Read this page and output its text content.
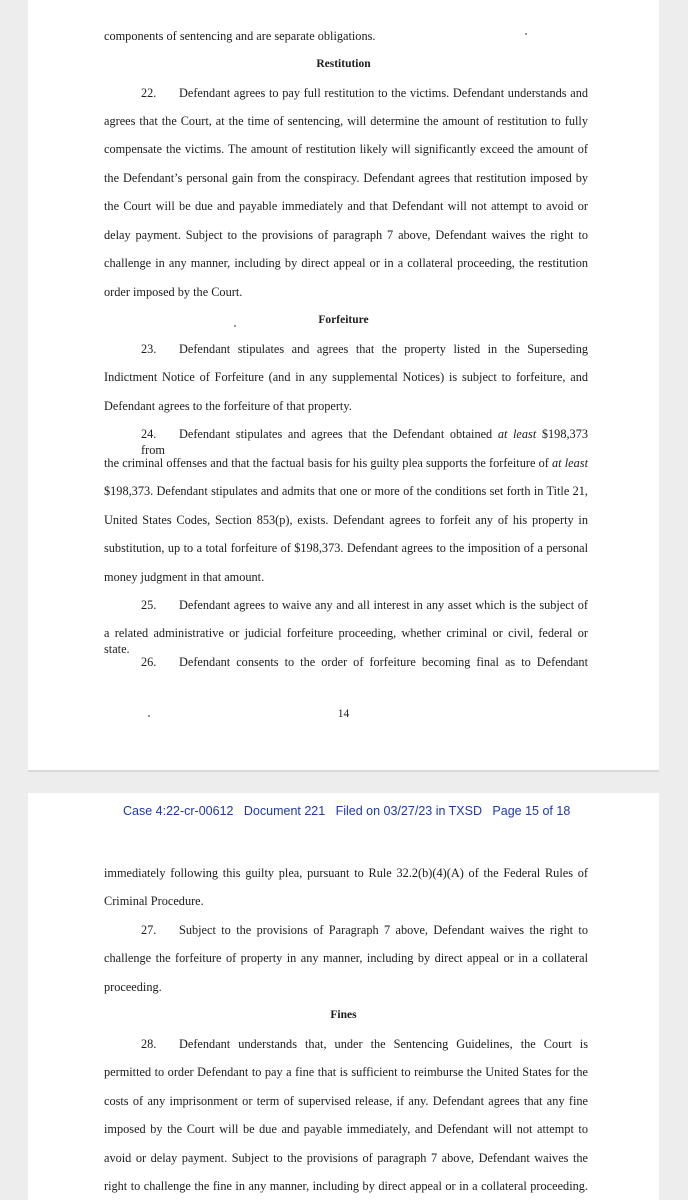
components of sentencing and are separate obligations.
Restitution
22. Defendant agrees to pay full restitution to the victims. Defendant understands and
agrees that the Court, at the time of sentencing, will determine the amount of restitution to fully
compensate the victims. The amount of restitution likely will significantly exceed the amount of
the Defendant’s personal gain from the conspiracy. Defendant agrees that restitution imposed by
the Court will be due and payable immediately and that Defendant will not attempt to avoid or
delay payment. Subject to the provisions of paragraph 7 above, Defendant waives the right to
challenge in any manner, including by direct appeal or in a collateral proceeding, the restitution
order imposed by the Court.
Forfeiture
23. Defendant stipulates and agrees that the property listed in the Superseding
Indictment Notice of Forfeiture (and in any supplemental Notices) is subject to forfeiture, and
Defendant agrees to the forfeiture of that property.
24. Defendant stipulates and agrees that the Defendant obtained at least $198,373 from
the criminal offenses and that the factual basis for his guilty plea supports the forfeiture of at least
$198,373. Defendant stipulates and admits that one or more of the conditions set forth in Title 21,
United States Codes, Section 853(p), exists. Defendant agrees to forfeit any of his property in
substitution, up to a total forfeiture of $198,373. Defendant agrees to the imposition of a personal
money judgment in that amount.
25. Defendant agrees to waive any and all interest in any asset which is the subject of
a related administrative or judicial forfeiture proceeding, whether criminal or civil, federal or state.
26. Defendant consents to the order of forfeiture becoming final as to Defendant
14
Case 4:22-cr-00612   Document 221   Filed on 03/27/23 in TXSD   Page 15 of 18
immediately following this guilty plea, pursuant to Rule 32.2(b)(4)(A) of the Federal Rules of
Criminal Procedure.
27. Subject to the provisions of Paragraph 7 above, Defendant waives the right to
challenge the forfeiture of property in any manner, including by direct appeal or in a collateral
proceeding.
Fines
28. Defendant understands that, under the Sentencing Guidelines, the Court is
permitted to order Defendant to pay a fine that is sufficient to reimburse the United States for the
costs of any imprisonment or term of supervised release, if any. Defendant agrees that any fine
imposed by the Court will be due and payable immediately, and Defendant will not attempt to
avoid or delay payment. Subject to the provisions of paragraph 7 above, Defendant waives the
right to challenge the fine in any manner, including by direct appeal or in a collateral proceeding.
